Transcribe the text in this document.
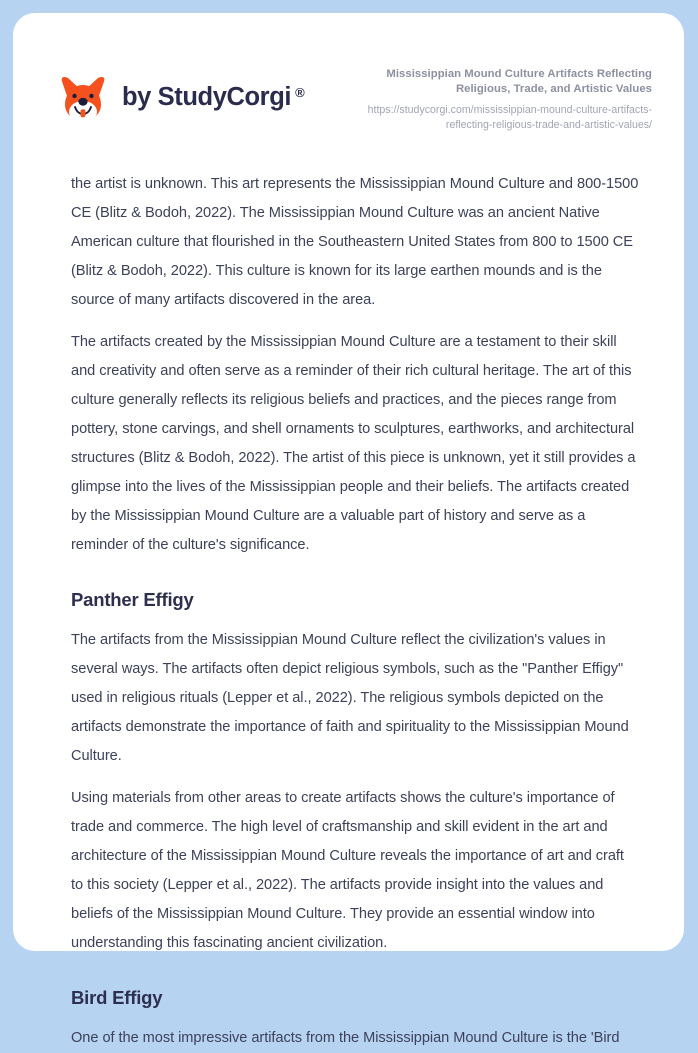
by StudyCorgi ®
Mississippian Mound Culture Artifacts Reflecting Religious, Trade, and Artistic Values
https://studycorgi.com/mississippian-mound-culture-artifacts-reflecting-religious-trade-and-artistic-values/

the artist is unknown. This art represents the Mississippian Mound Culture and 800-1500 CE (Blitz & Bodoh, 2022). The Mississippian Mound Culture was an ancient Native American culture that flourished in the Southeastern United States from 800 to 1500 CE (Blitz & Bodoh, 2022). This culture is known for its large earthen mounds and is the source of many artifacts discovered in the area.

The artifacts created by the Mississippian Mound Culture are a testament to their skill and creativity and often serve as a reminder of their rich cultural heritage. The art of this culture generally reflects its religious beliefs and practices, and the pieces range from pottery, stone carvings, and shell ornaments to sculptures, earthworks, and architectural structures (Blitz & Bodoh, 2022). The artist of this piece is unknown, yet it still provides a glimpse into the lives of the Mississippian people and their beliefs. The artifacts created by the Mississippian Mound Culture are a valuable part of history and serve as a reminder of the culture's significance.

Panther Effigy

The artifacts from the Mississippian Mound Culture reflect the civilization's values in several ways. The artifacts often depict religious symbols, such as the "Panther Effigy" used in religious rituals (Lepper et al., 2022). The religious symbols depicted on the artifacts demonstrate the importance of faith and spirituality to the Mississippian Mound Culture.

Using materials from other areas to create artifacts shows the culture's importance of trade and commerce. The high level of craftsmanship and skill evident in the art and architecture of the Mississippian Mound Culture reveals the importance of art and craft to this society (Lepper et al., 2022). The artifacts provide insight into the values and beliefs of the Mississippian Mound Culture. They provide an essential window into understanding this fascinating ancient civilization.

Bird Effigy

One of the most impressive artifacts from the Mississippian Mound Culture is the 'Bird
